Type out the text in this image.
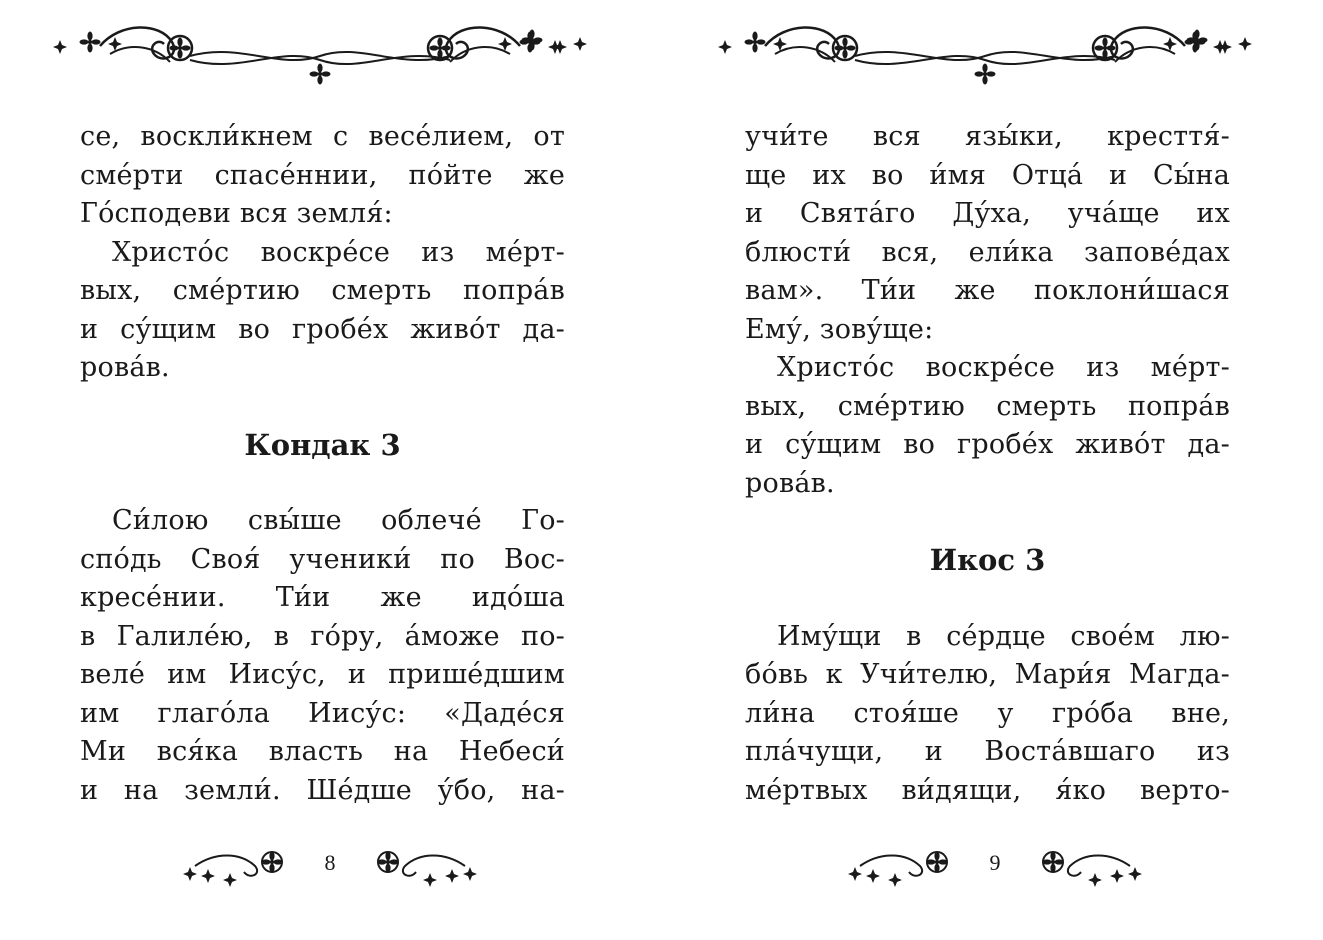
се, воскли́кнем с весе́лием, от
сме́рти спасе́ннии, по́йте же
Го́сподеви вся земля́:
Христо́с воскре́се из ме́рт-
вых, сме́ртию смерть попра́в
и су́щим во гробе́х живо́т да-
рова́в.
Кондак 3
Си́лою свы́ше облече́ Го-
спо́дь Своя́ ученики́ по Вос-
кресе́нии. Ти́и же идо́ша
в Галиле́ю, в го́ру, а́може по-
веле́ им Иису́с, и прише́дшим
им глаго́ла Иису́с: «Даде́ся
Ми вся́ка власть на Небеси́
и на земли́. Ше́дше у́бо, на-
8
учи́те вся язы́ки, кресття́-
ще их во и́мя Отца́ и Сы́на
и Свята́го Ду́ха, уча́ще их
блюсти́ вся, ели́ка запове́дах
вам». Ти́и же поклони́шася
Ему́, зову́ще:
Христо́с воскре́се из ме́рт-
вых, сме́ртию смерть попра́в
и су́щим во гробе́х живо́т да-
рова́в.
Икос 3
Иму́щи в се́рдце свое́м лю-
бо́вь к Учи́телю, Мари́я Магда-
ли́на стоя́ше у гро́ба вне,
пла́чущи, и Воста́вшаго из
ме́ртвых ви́дящи, я́ко верто-
9
